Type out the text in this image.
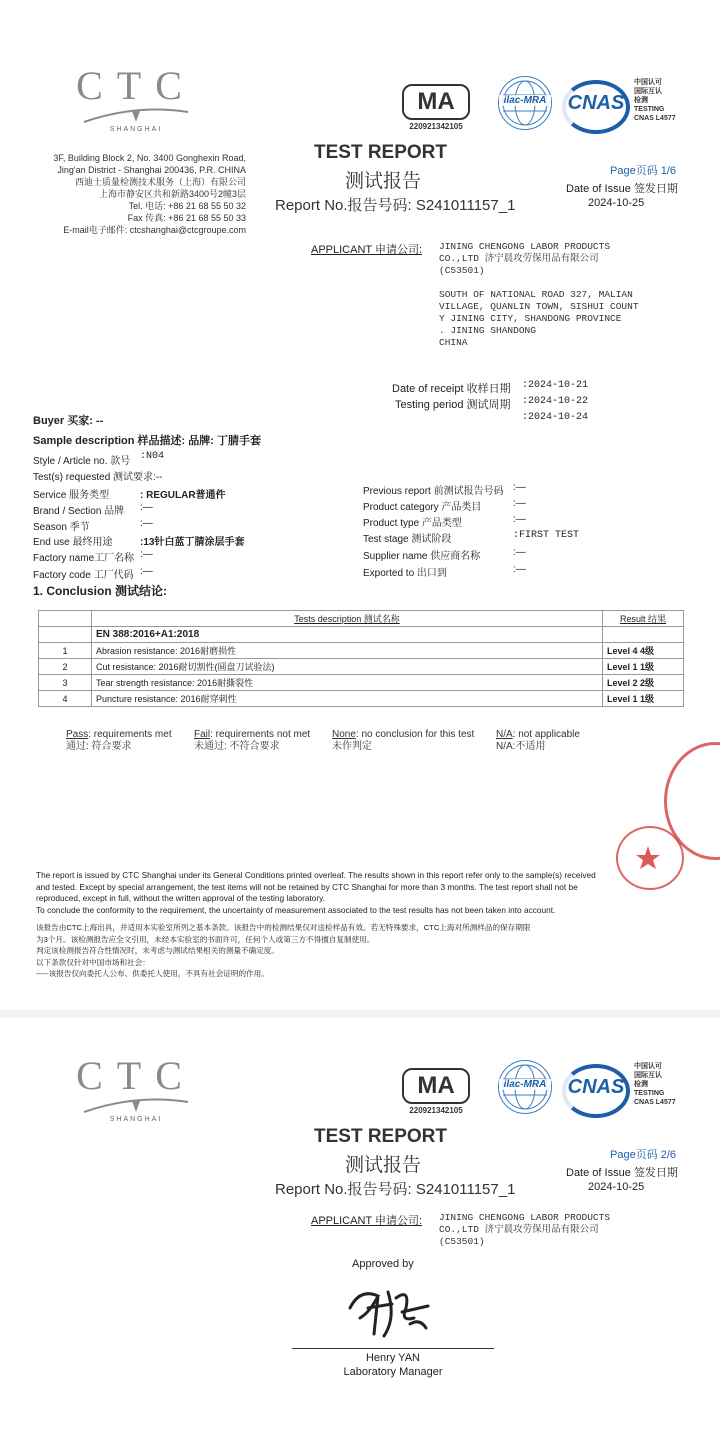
CTC
SHANGHAI
MA
220921342105
ilac-MRA CNAS
中国认可
国际互认
检测
TESTING
CNAS L4577
TEST REPORT
测试报告
Report No.报告号码: S241011157_1
Page页码 1/6
Date of Issue 签发日期
2024-10-25
3F, Building Block 2, No. 3400 Gonghexin Road,
Jing'an District - Shanghai 200436, P.R. CHINA
西迪士质量检测技术服务（上海）有限公司
上海市静安区共和新路3400号2幢3层
Tel. 电话: +86 21 68 55 50 32
Fax 传真: +86 21 68 55 50 33
E-mail电子邮件: ctcshanghai@ctcgroupe.com
APPLICANT 申请公司: JINING CHENGONG LABOR PRODUCTS
CO.,LTD 济宁晨攻劳保用品有限公司
(C53501)
SOUTH OF NATIONAL ROAD 327, MALIAN
VILLAGE, QUANLIN TOWN, SISHUI COUNT
Y JINING CITY, SHANDONG PROVINCE
. JINING SHANDONG
CHINA
Date of receipt 收样日期 :2024-10-21
Testing period 测试周期 :2024-10-22
:2024-10-24
Buyer 买家: --
Sample description 样品描述: 品牌: 丁腈手套
Style / Article no. 款号 :N04
Test(s) requested 测试要求:--
Service 服务类型	: REGULAR普通件
Brand / Section 品牌 :—
Season 季节	:—
End use 最终用途	:13针白蓝丁腈涂层手套
Factory name工厂名称 :—
Factory code 工厂代码 :—
Previous report 前测试报告号码 :—
Product category 产品类目	:—
Product type 产品类型	:—
Test stage 测试阶段	:FIRST TEST
Supplier name 供应商名称	:—
Exported to 出口到	:—
1. Conclusion 测试结论:
	Tests description 测试名称	Result 结果
	EN 388:2016+A1:2018	
1	Abrasion resistance: 2016耐磨损性	Level 4 4级
2	Cut resistance: 2016耐切割性(圆盘刀试验法)	Level 1 1级
3	Tear strength resistance: 2016耐撕裂性	Level 2 2级
4	Puncture resistance: 2016耐穿刺性	Level 1 1级
Pass: requirements met
通过: 符合要求
Fail: requirements not met
未通过: 不符合要求
None: no conclusion for this test
未作判定
N/A: not applicable
N/A:不适用
The report is issued by CTC Shanghai under its General Conditions printed overleaf. The results shown in this report refer only to the sample(s) received
and tested. Except by special arrangement, the test items will not be retained by CTC Shanghai for more than 3 months. The test report shall not be
reproduced, except in full, without the written approval of the testing laboratory.
To conclude the conformity to the requirement, the uncertainty of measurement associated to the test results has not been taken into account.
该报告由CTC上海出具，并适用本实验室所列之基本条款。该报告中的检测结果仅对送检样品有效。若无特殊要求，CTC上海对所测样品的保存期限
为3个月。该检测报告应全文引用，未经本实验室的书面许可，任何个人或第三方不得擅自复制使用。
判定该检测报告符合性情况时，未考虑与测试结果相关的测量不确定度。
以下条款仅针对中国市场和社会：
-----该报告仅向委托人公布、供委托人使用，不具有社会证明的作用。
CTC
SHANGHAI
MA
220921342105
ilac-MRA CNAS
中国认可
国际互认
检测
TESTING
CNAS L4577
TEST REPORT
测试报告
Report No.报告号码: S241011157_1
Page页码 2/6
Date of Issue 签发日期
2024-10-25
APPLICANT 申请公司: JINING CHENGONG LABOR PRODUCTS
CO.,LTD 济宁晨攻劳保用品有限公司
(C53501)
Approved by
Henry YAN
Laboratory Manager
